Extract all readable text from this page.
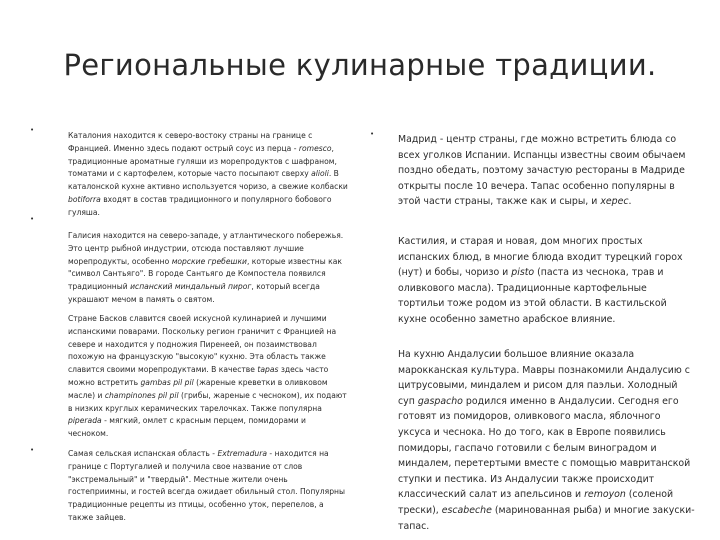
Региональные кулинарные традиции.
•
•
•
•

Каталония находится к северо-востоку страны на границе с Францией. Именно здесь подают острый соус из перца - romesco, традиционные ароматные гуляши из морепродуктов с шафраном, томатами и с картофелем, которые часто посыпают сверху alioli. В каталонской кухне активно используется чоризо, а свежие колбаски botiforra входят в состав традиционного и популярного бобового гуляша.

Галисия находится на северо-западе, у атлантического побережья. Это центр рыбной индустрии, отсюда поставляют лучшие морепродукты, особенно морские гребешки, которые известны как "символ Сантьяго". В городе Сантьяго де Компостела появился традиционный испанский миндальный пирог, который всегда украшают мечом в память о святом.

Стране Басков славится своей искусной кулинарией и лучшими испанскими поварами. Поскольку регион граничит с Францией на севере и находится у подножия Пиренеей, он позаимствовал похожую на французскую "высокую" кухню. Эта область также славится своими морепродуктами. В качестве tapas здесь часто можно встретить gambas pil pil (жареные креветки в оливковом масле) и champinones pil pil (грибы, жареные с чесноком), их подают в низких круглых керамических тарелочках. Также популярна piperada - мягкий, омлет с красным перцем, помидорами и чесноком.

Самая сельская испанская область - Extremadura - находится на границе с Португалией и получила свое название от слов "экстремальный" и "твердый". Местные жители очень гостеприимны, и гостей всегда ожидает обильный стол. Популярны традиционные рецепты из птицы, особенно уток, перепелов, а также зайцев.

Мадрид - центр страны, где можно встретить блюда со всех уголков Испании. Испанцы известны своим обычаем поздно обедать, поэтому зачастую рестораны в Мадриде открыты после 10 вечера. Тапас особенно популярны в этой части страны, также как и сыры, и херес.

Кастилия, и старая и новая, дом многих простых испанских блюд, в многие блюда входит турецкий горох (нут) и бобы, чоризо и pisto (паста из чеснока, трав и оливкового масла). Традиционные картофельные тортильи тоже родом из этой области. В кастильской кухне особенно заметно арабское влияние.

На кухню Андалусии большое влияние оказала марокканская культура. Мавры познакомили Андалусию с цитрусовыми, миндалем и рисом для паэльи. Холодный суп gaspacho родился именно в Андалусии. Сегодня его готовят из помидоров, оливкового масла, яблочного уксуса и чеснока. Но до того, как в Европе появились помидоры, гаспачо готовили с белым виноградом и миндалем, перетертыми вместе с помощью мавританской ступки и пестика. Из Андалусии также происходит классический салат из апельсинов и remoyon (соленой трески), escabeche (маринованная рыба) и многие закуски-тапас.
